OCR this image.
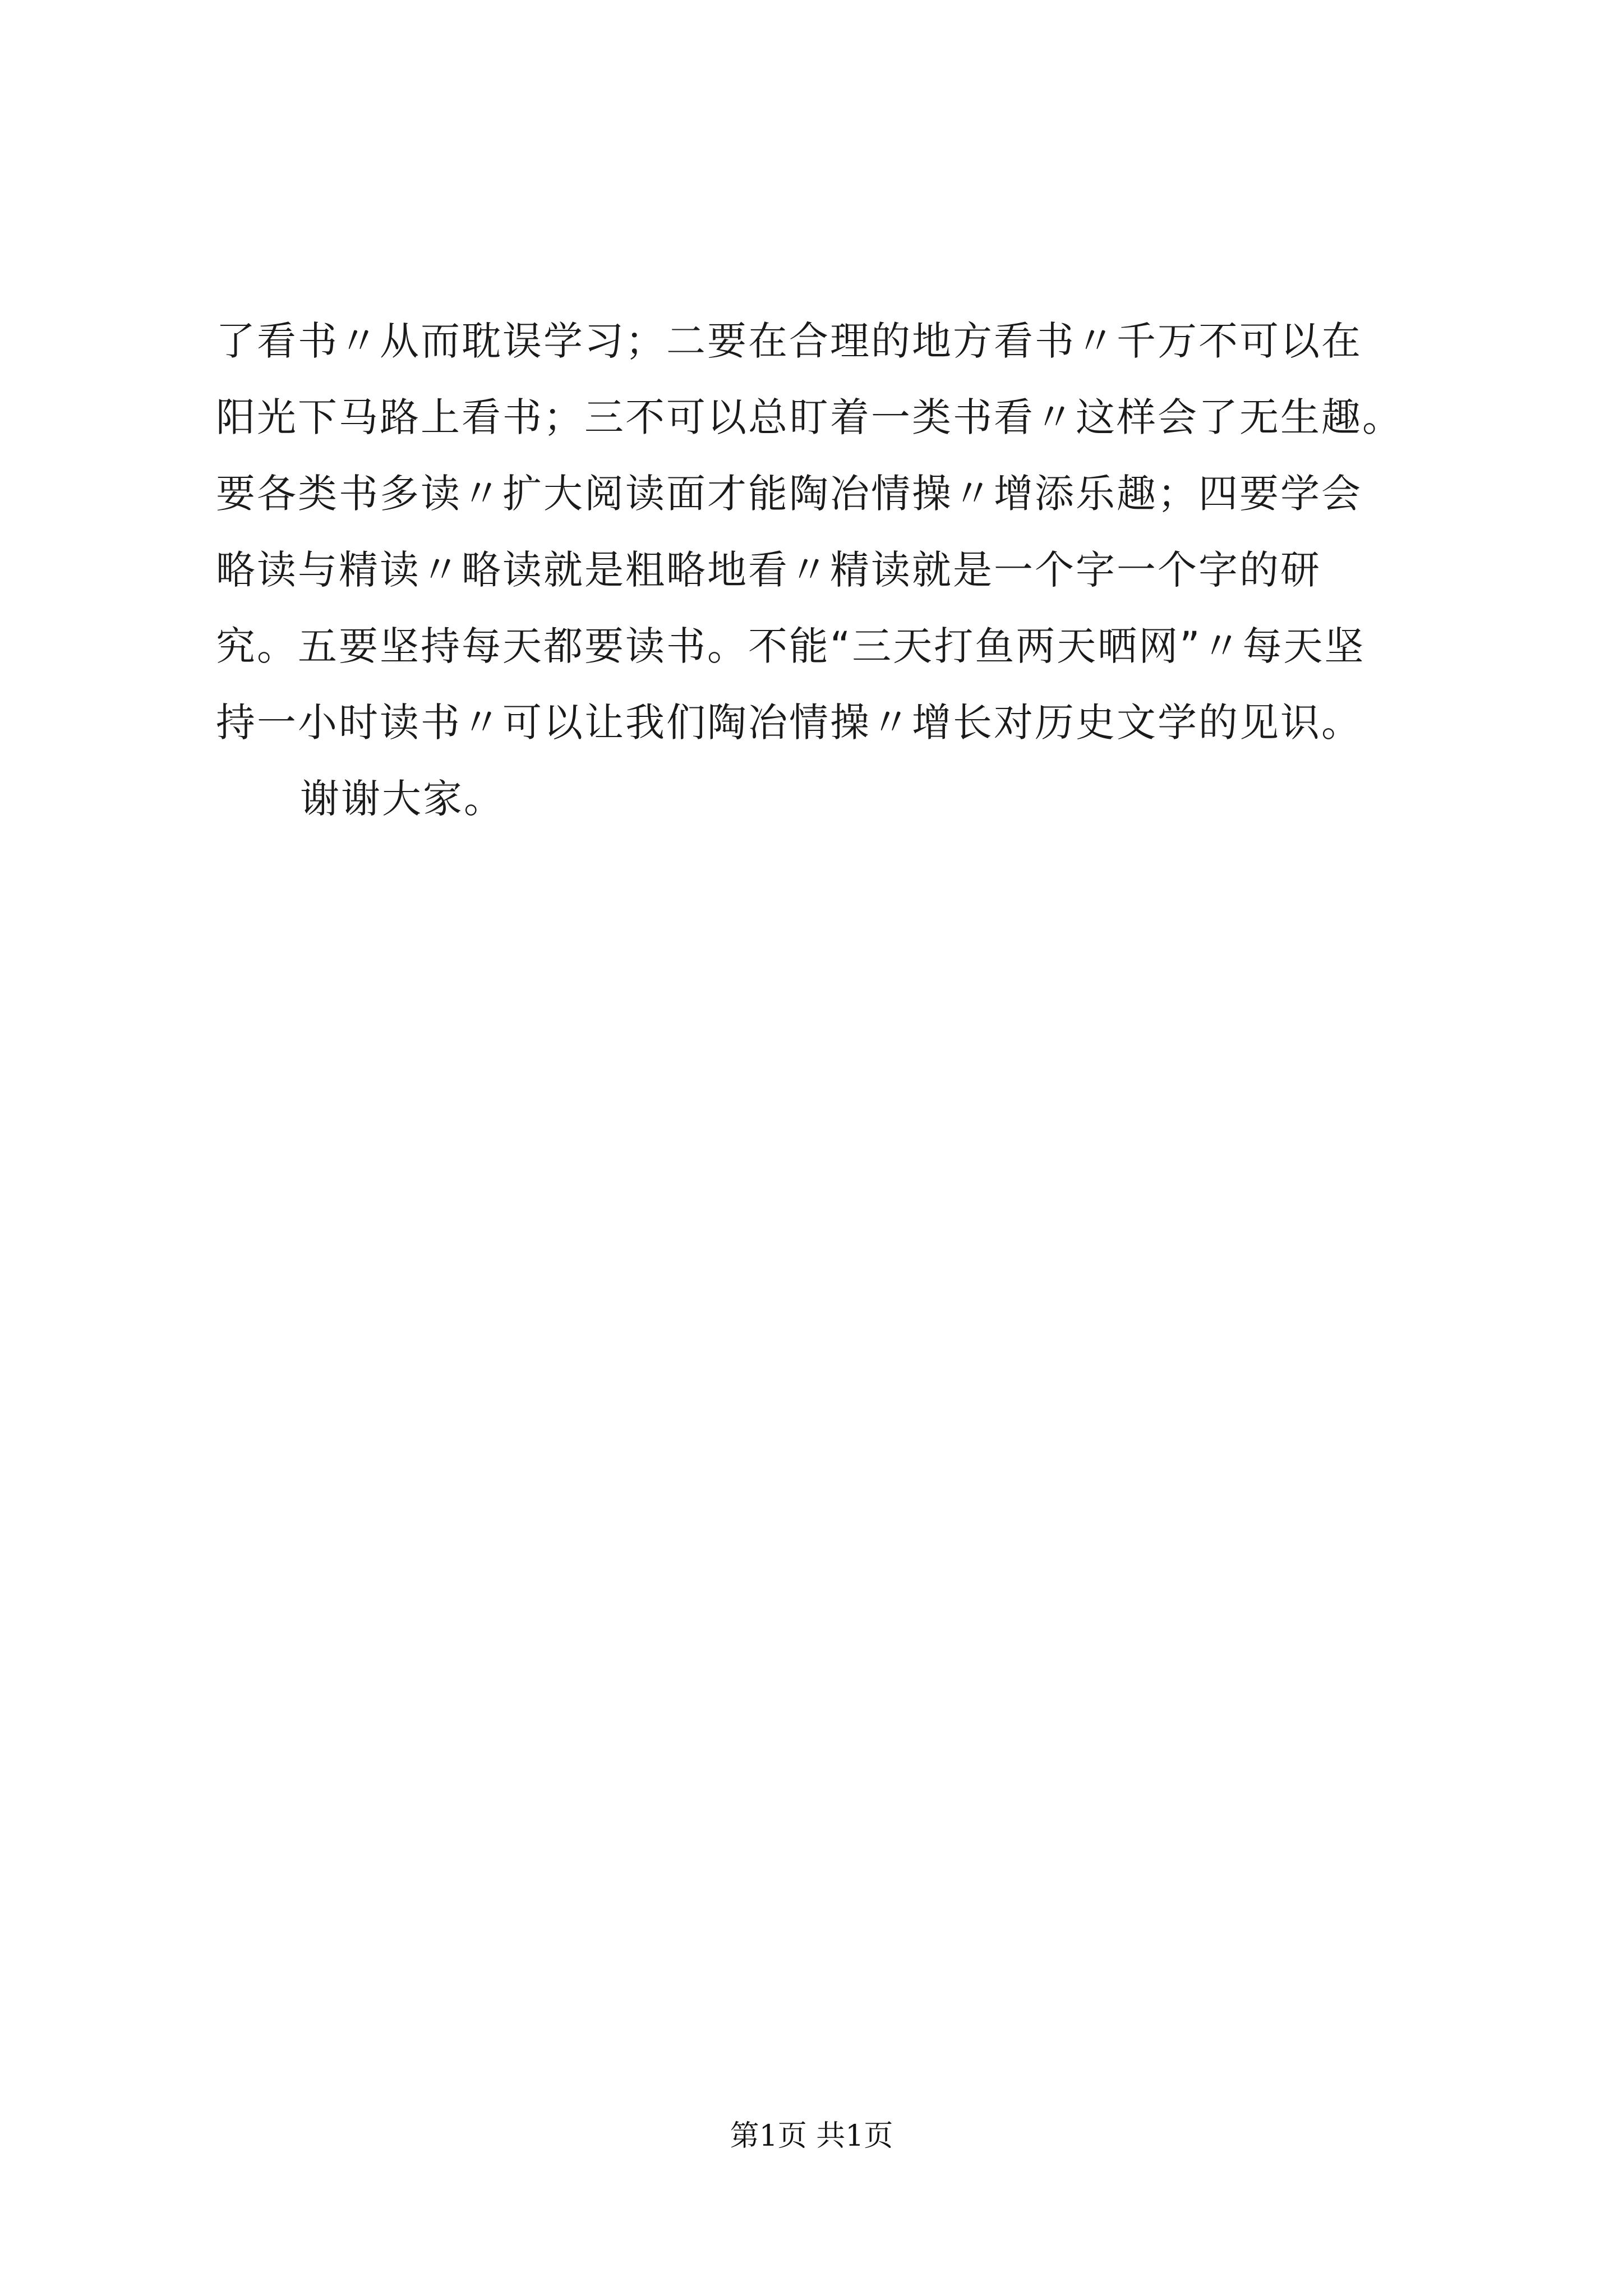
了看书〃从而耽误学习；二要在合理的地方看书〃千万不可以在
阳光下马路上看书；三不可以总盯着一类书看〃这样会了无生趣。
要各类书多读〃扩大阅读面才能陶冶情操〃增添乐趣；四要学会
略读与精读〃略读就是粗略地看〃精读就是一个字一个字的研
究。五要坚持每天都要读书。不能“三天打鱼两天晒网”〃每天坚
持一小时读书〃可以让我们陶冶情操〃增长对历史文学的见识。
谢谢大家。
第1页 共1页
